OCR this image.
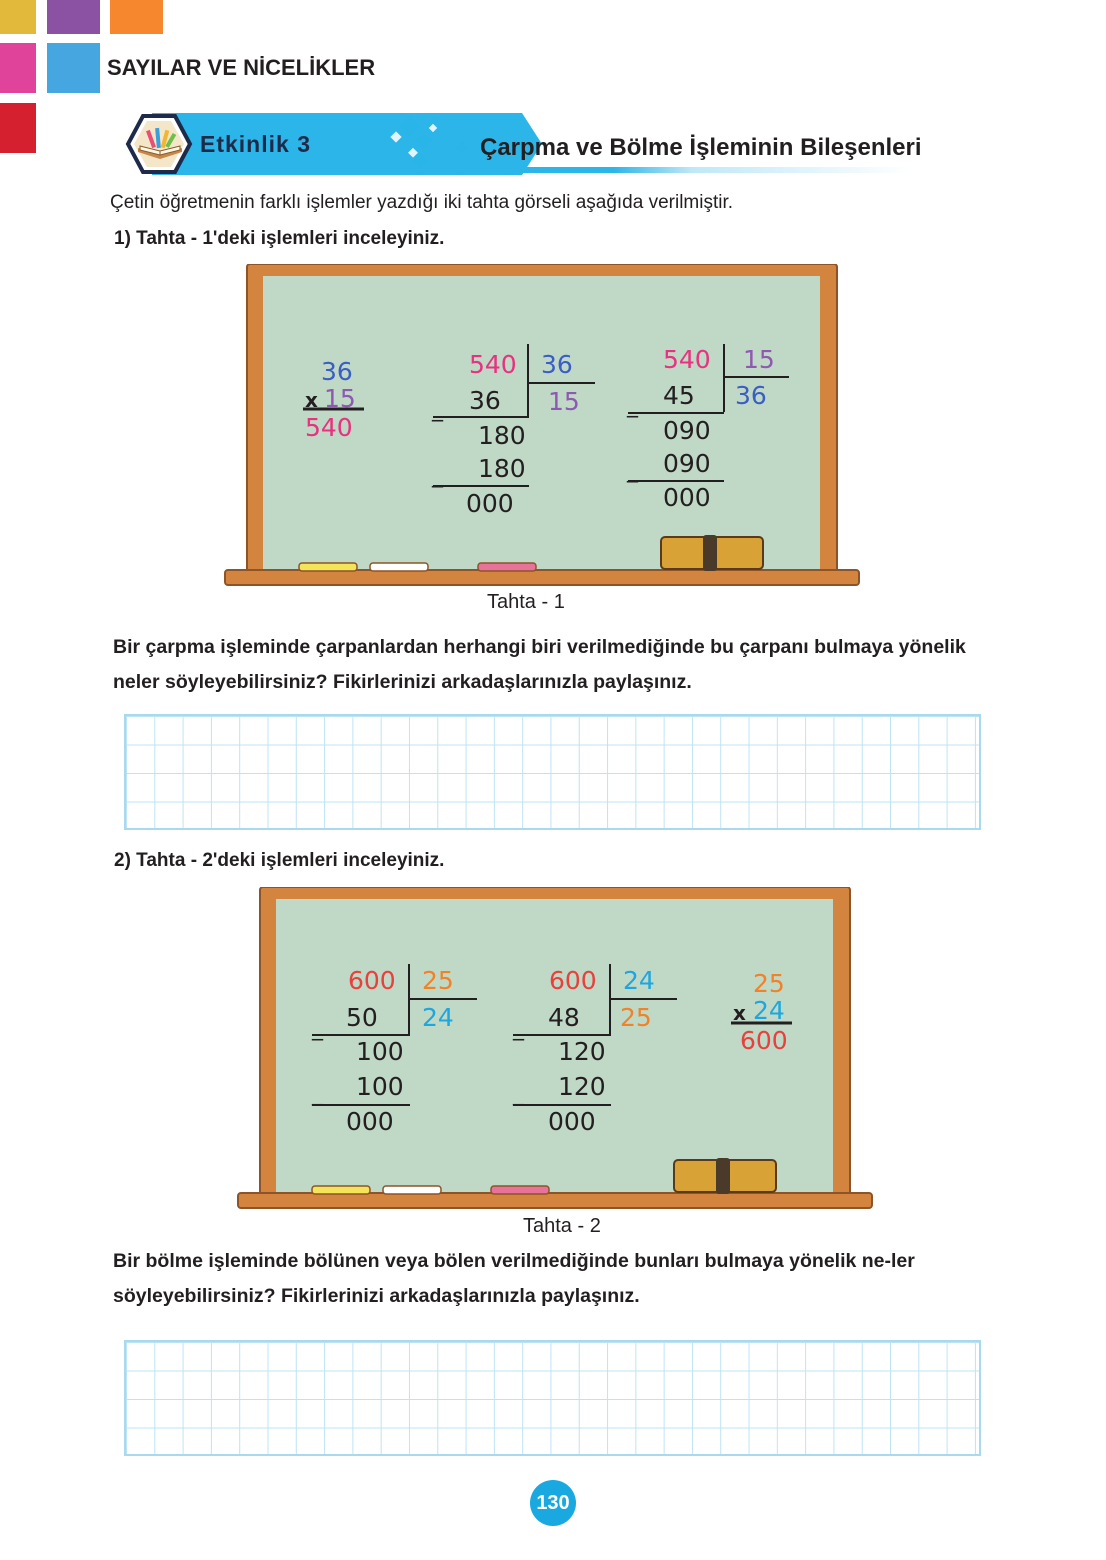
SAYILAR VE NİCELİKLER
Etkinlik 3	Çarpma ve Bölme İşleminin Bileşenleri

Çetin öğretmenin farklı işlemler yazdığı iki tahta görseli aşağıda verilmiştir.

1) Tahta - 1'deki işlemleri inceleyiniz.

36
x 15
540
540 36
15
_ 36
180
_ 180
000
540 15
36
_ 45
090
_ 090
000

Tahta - 1

Bir çarpma işleminde çarpanlardan herhangi biri verilmediğinde bu çarpanı bulmaya yönelik neler söyleyebilirsiniz? Fikirlerinizi arkadaşlarınızla paylaşınız.

2) Tahta - 2'deki işlemleri inceleyiniz.

600 25
24
_ 50
100
_ 100
000
600 24
25
_ 48
120
_ 120
000
25
x 24
600

Tahta - 2

Bir bölme işleminde bölünen veya bölen verilmediğinde bunları bulmaya yönelik ne-ler söyleyebilirsiniz? Fikirlerinizi arkadaşlarınızla paylaşınız.

130
